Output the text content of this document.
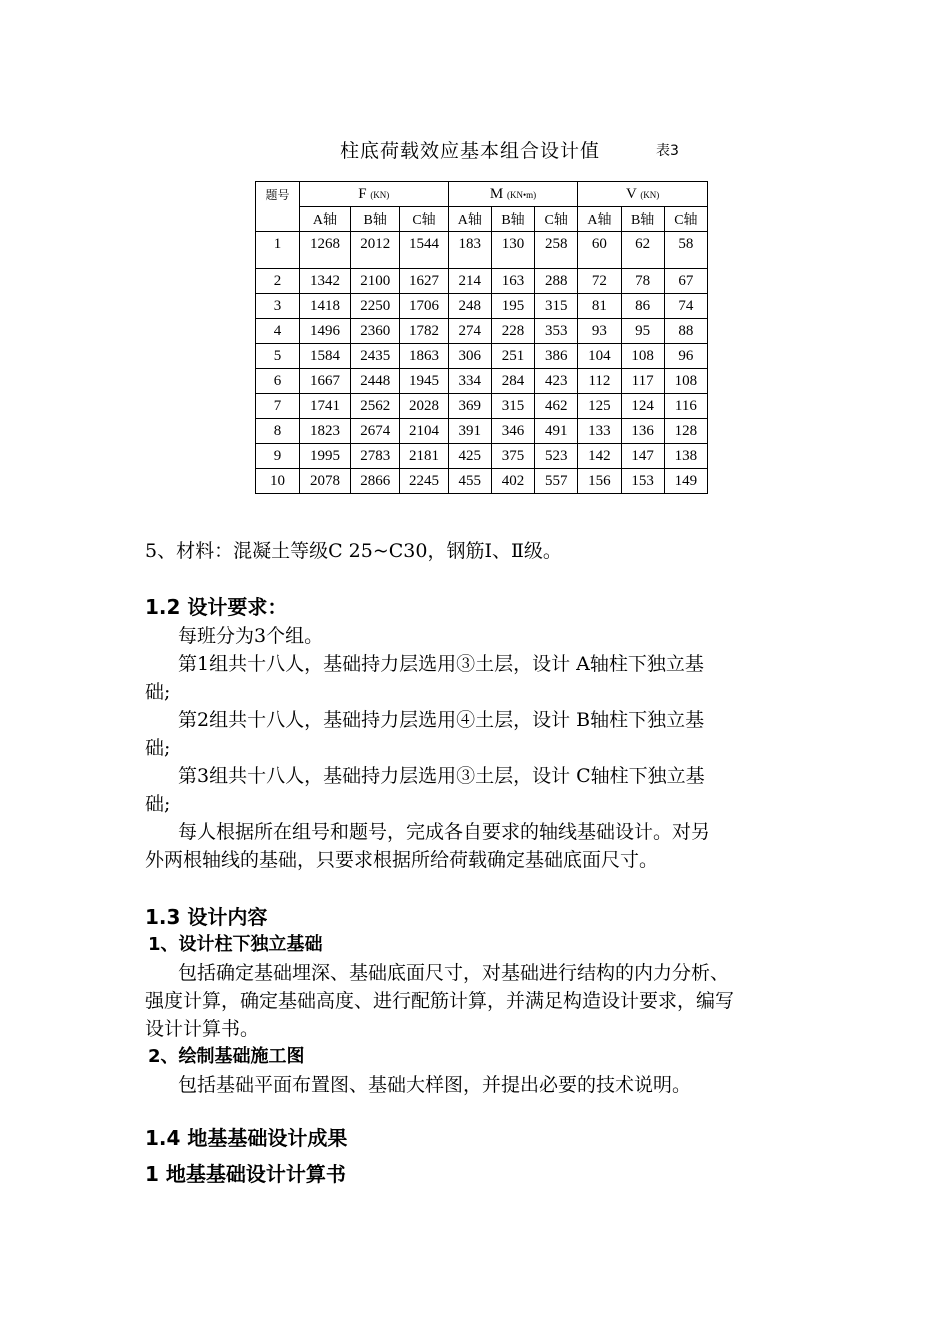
柱底荷载效应基本组合设计值	表3
题号	F (KN)			M (KN•m)			V (KN)		
	A轴	B轴	C轴	A轴	B轴	C轴	A轴	B轴	C轴
1	1268	2012	1544	183	130	258	60	62	58
2	1342	2100	1627	214	163	288	72	78	67
3	1418	2250	1706	248	195	315	81	86	74
4	1496	2360	1782	274	228	353	93	95	88
5	1584	2435	1863	306	251	386	104	108	96
6	1667	2448	1945	334	284	423	112	117	108
7	1741	2562	2028	369	315	462	125	124	116
8	1823	2674	2104	391	346	491	133	136	128
9	1995	2783	2181	425	375	523	142	147	138
10	2078	2866	2245	455	402	557	156	153	149
5、材料：混凝土等级C 25~C30，钢筋Ⅰ、Ⅱ级。
1.2 设计要求：
每班分为3个组。
第1组共十八人，基础持力层选用③土层，设计 A轴柱下独立基
础;
第2组共十八人，基础持力层选用④土层，设计 B轴柱下独立基
础;
第3组共十八人，基础持力层选用③土层，设计 C轴柱下独立基
础;
每人根据所在组号和题号，完成各自要求的轴线基础设计。对另
外两根轴线的基础，只要求根据所给荷载确定基础底面尺寸。
1.3 设计内容
1、设计柱下独立基础
包括确定基础埋深、基础底面尺寸，对基础进行结构的内力分析、
强度计算，确定基础高度、进行配筋计算，并满足构造设计要求，编写
设计计算书。
2、绘制基础施工图
包括基础平面布置图、基础大样图，并提出必要的技术说明。
1.4 地基基础设计成果
1 地基基础设计计算书
